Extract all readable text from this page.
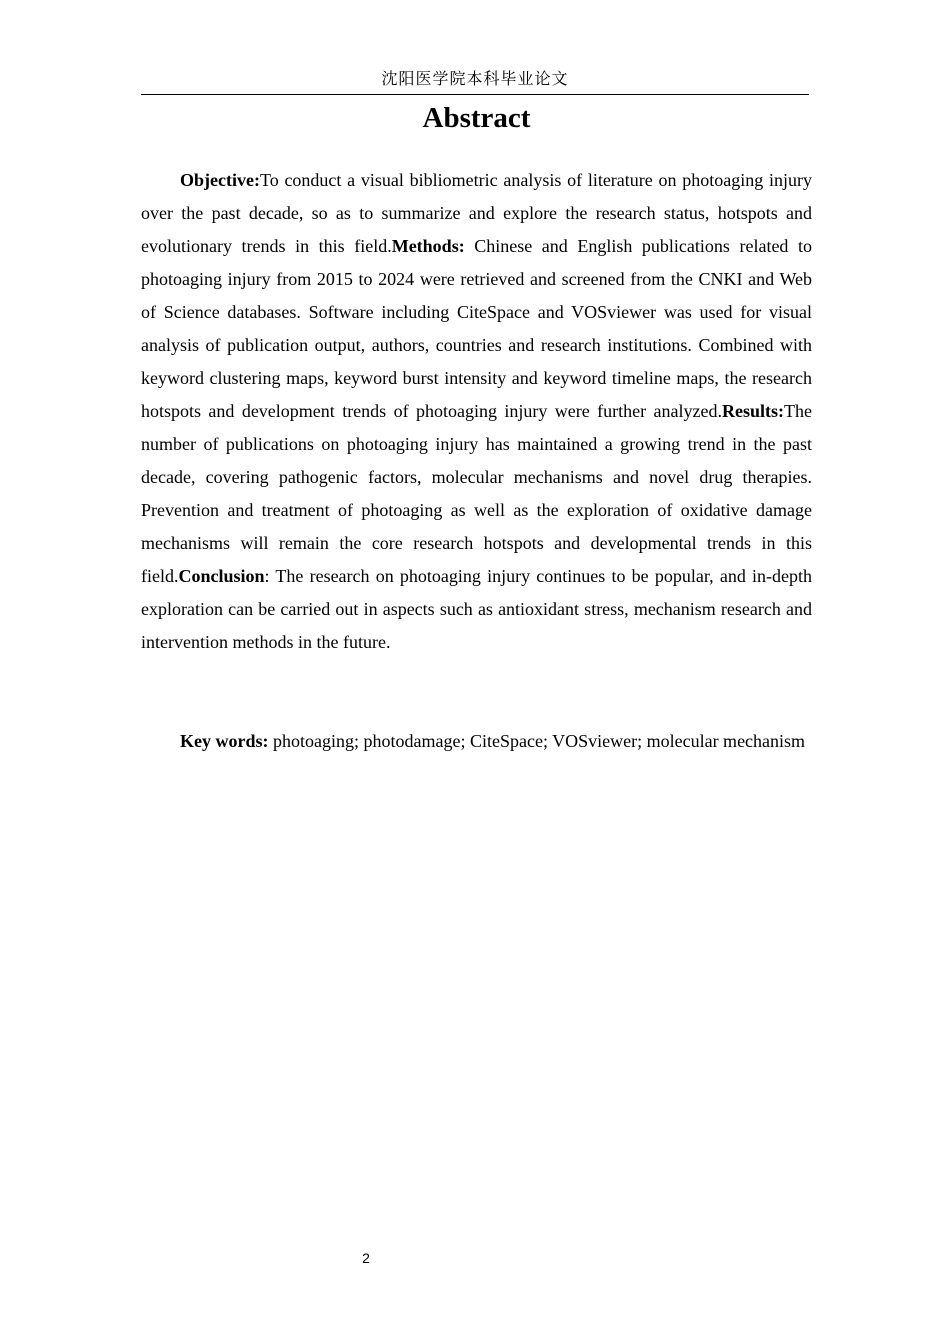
沈阳医学院本科毕业论文
Abstract

Objective:To conduct a visual bibliometric analysis of literature on photoaging injury over the past decade, so as to summarize and explore the research status, hotspots and evolutionary trends in this field.Methods: Chinese and English publications related to photoaging injury from 2015 to 2024 were retrieved and screened from the CNKI and Web of Science databases. Software including CiteSpace and VOSviewer was used for visual analysis of publication output, authors, countries and research institutions. Combined with keyword clustering maps, keyword burst intensity and keyword timeline maps, the research hotspots and development trends of photoaging injury were further analyzed.Results:The number of publications on photoaging injury has maintained a growing trend in the past decade, covering pathogenic factors, molecular mechanisms and novel drug therapies. Prevention and treatment of photoaging as well as the exploration of oxidative damage mechanisms will remain the core research hotspots and developmental trends in this field.Conclusion: The research on photoaging injury continues to be popular, and in-depth exploration can be carried out in aspects such as antioxidant stress, mechanism research and intervention methods in the future.

Key words: photoaging; photodamage; CiteSpace; VOSviewer; molecular mechanism

2
